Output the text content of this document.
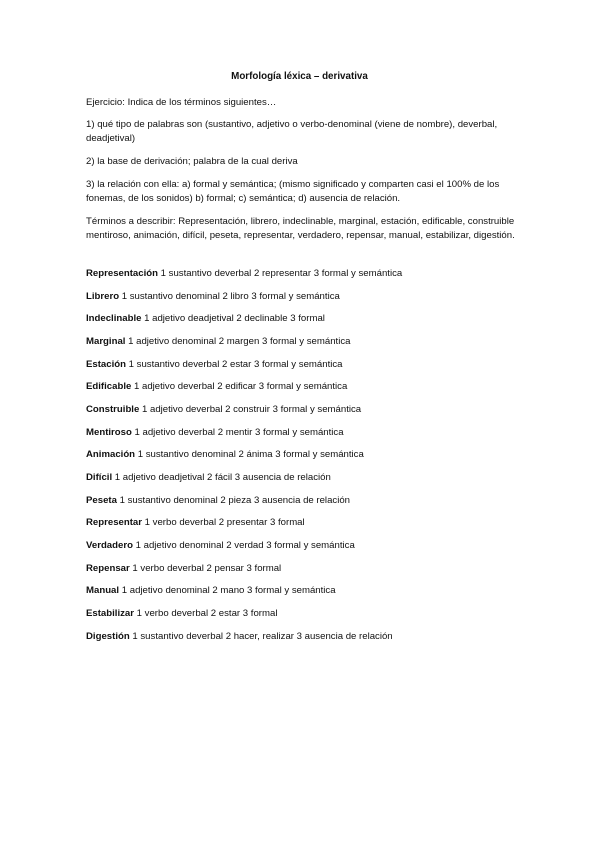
Morfología léxica – derivativa

Ejercicio: Indica de los términos siguientes…

1) qué tipo de palabras son (sustantivo, adjetivo o verbo-denominal (viene de nombre), deverbal, deadjetival)

2) la base de derivación; palabra de la cual deriva

3) la relación con ella: a) formal y semántica; (mismo significado y comparten casi el 100% de los fonemas, de los sonidos) b) formal; c) semántica; d) ausencia de relación.

Términos a describir: Representación, librero, indeclinable, marginal, estación, edificable, construible mentiroso, animación, difícil, peseta, representar, verdadero, repensar, manual, estabilizar, digestión.

Representación 1 sustantivo deverbal 2 representar 3 formal y semántica

Librero 1 sustantivo denominal 2 libro 3 formal y semántica

Indeclinable 1 adjetivo deadjetival 2 declinable 3 formal

Marginal 1 adjetivo denominal 2 margen 3 formal y semántica

Estación 1 sustantivo deverbal 2 estar 3 formal y semántica

Edificable 1 adjetivo deverbal 2 edificar 3 formal y semántica

Construible 1 adjetivo deverbal 2 construir 3 formal y semántica

Mentiroso 1 adjetivo deverbal 2 mentir 3 formal y semántica

Animación 1 sustantivo denominal 2 ánima 3 formal y semántica

Difícil 1 adjetivo deadjetival 2 fácil 3 ausencia de relación

Peseta 1 sustantivo denominal 2 pieza 3 ausencia de relación

Representar 1 verbo deverbal 2 presentar 3 formal

Verdadero 1 adjetivo denominal 2 verdad 3 formal y semántica

Repensar 1 verbo deverbal 2 pensar 3 formal

Manual 1 adjetivo denominal 2 mano 3 formal y semántica

Estabilizar 1 verbo deverbal 2 estar 3 formal

Digestión 1 sustantivo deverbal 2 hacer, realizar 3 ausencia de relación
